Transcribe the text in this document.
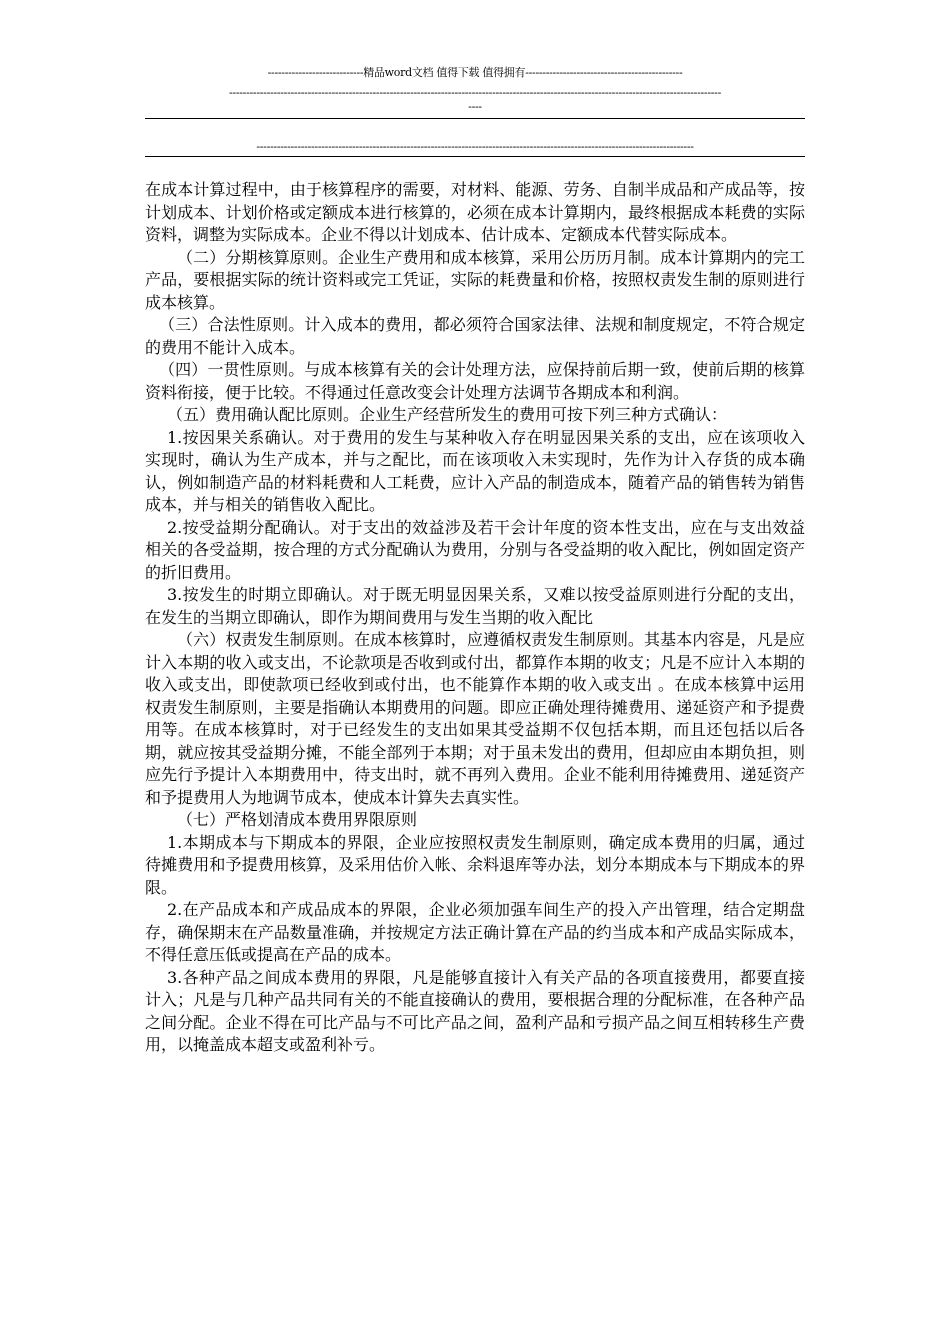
----------------------------精品word文档 值得下载 值得拥有----------------------------------------------
------------------------------------------------------------------------------------------------------------------------------------------------
----
--------------------------------------------------------------------------------------------------------------------------------

在成本计算过程中，由于核算程序的需要，对材料、能源、劳务、自制半成品和产成品等，按计划成本、计划价格或定额成本进行核算的，必须在成本计算期内，最终根据成本耗费的实际资料，调整为实际成本。企业不得以计划成本、估计成本、定额成本代替实际成本。

（二）分期核算原则。企业生产费用和成本核算，采用公历历月制。成本计算期内的完工产品，要根据实际的统计资料或完工凭证，实际的耗费量和价格，按照权责发生制的原则进行成本核算。

（三）合法性原则。计入成本的费用，都必须符合国家法律、法规和制度规定，不符合规定的费用不能计入成本。

（四）一贯性原则。与成本核算有关的会计处理方法，应保持前后期一致，使前后期的核算资料衔接，便于比较。不得通过任意改变会计处理方法调节各期成本和利润。

（五）费用确认配比原则。企业生产经营所发生的费用可按下列三种方式确认：

1.按因果关系确认。对于费用的发生与某种收入存在明显因果关系的支出，应在该项收入实现时，确认为生产成本，并与之配比，而在该项收入未实现时，先作为计入存货的成本确认，例如制造产品的材料耗费和人工耗费，应计入产品的制造成本，随着产品的销售转为销售成本，并与相关的销售收入配比。

2.按受益期分配确认。对于支出的效益涉及若干会计年度的资本性支出，应在与支出效益相关的各受益期，按合理的方式分配确认为费用，分别与各受益期的收入配比，例如固定资产的折旧费用。

3.按发生的时期立即确认。对于既无明显因果关系，又难以按受益原则进行分配的支出，在发生的当期立即确认，即作为期间费用与发生当期的收入配比

（六）权责发生制原则。在成本核算时，应遵循权责发生制原则。其基本内容是，凡是应计入本期的收入或支出，不论款项是否收到或付出，都算作本期的收支；凡是不应计入本期的收入或支出，即使款项已经收到或付出，也不能算作本期的收入或支出 。在成本核算中运用权责发生制原则，主要是指确认本期费用的问题。即应正确处理待摊费用、递延资产和予提费用等。在成本核算时，对于已经发生的支出如果其受益期不仅包括本期，而且还包括以后各期，就应按其受益期分摊，不能全部列于本期；对于虽未发出的费用，但却应由本期负担，则应先行予提计入本期费用中，待支出时，就不再列入费用。企业不能利用待摊费用、递延资产和予提费用人为地调节成本，使成本计算失去真实性。

（七）严格划清成本费用界限原则

1.本期成本与下期成本的界限，企业应按照权责发生制原则，确定成本费用的归属，通过待摊费用和予提费用核算，及采用估价入帐、余料退库等办法，划分本期成本与下期成本的界限。

2.在产品成本和产成品成本的界限，企业必须加强车间生产的投入产出管理，结合定期盘存，确保期末在产品数量准确，并按规定方法正确计算在产品的约当成本和产成品实际成本，不得任意压低或提高在产品的成本。

3.各种产品之间成本费用的界限，凡是能够直接计入有关产品的各项直接费用，都要直接计入；凡是与几种产品共同有关的不能直接确认的费用，要根据合理的分配标准，在各种产品之间分配。企业不得在可比产品与不可比产品之间，盈利产品和亏损产品之间互相转移生产费用，以掩盖成本超支或盈利补亏。
